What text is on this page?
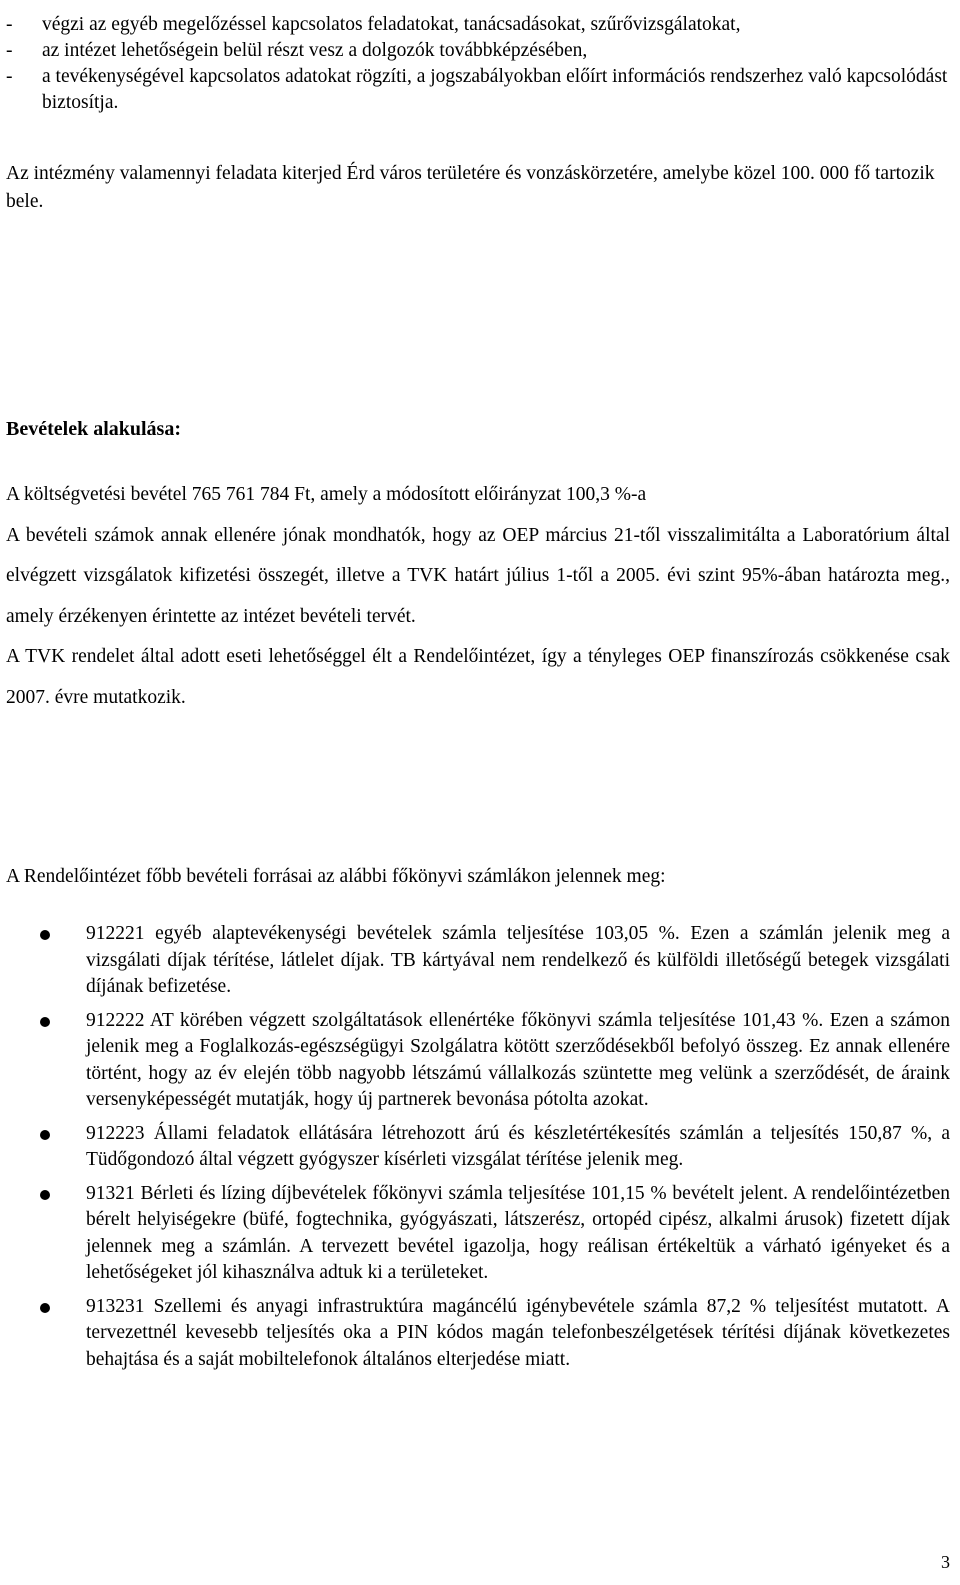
-	végzi az egyéb megelőzéssel kapcsolatos feladatokat, tanácsadásokat, szűrővizsgálatokat,
-	az intézet lehetőségein belül részt vesz a dolgozók továbbképzésében,
-	a tevékenységével kapcsolatos adatokat rögzíti, a jogszabályokban előírt információs rendszerhez való kapcsolódást biztosítja.
Az intézmény valamennyi feladata kiterjed Érd város területére és vonzáskörzetére, amelybe közel 100. 000 fő tartozik bele.
Bevételek alakulása:

A költségvetési bevétel 765 761 784 Ft, amely a módosított előirányzat 100,3 %-a

A bevételi számok annak ellenére jónak mondhatók, hogy az OEP március 21-től visszalimitálta a Laboratórium által elvégzett vizsgálatok kifizetési összegét, illetve a TVK határt július 1-től a 2005. évi szint 95%-ában határozta meg., amely érzékenyen érintette az intézet bevételi tervét.

A TVK rendelet által adott eseti lehetőséggel élt a Rendelőintézet, így a tényleges OEP finanszírozás csökkenése csak 2007. évre mutatkozik.

A Rendelőintézet főbb bevételi forrásai az alábbi főkönyvi számlákon jelennek meg:
912221 egyéb alaptevékenységi bevételek számla teljesítése 103,05 %. Ezen a számlán jelenik meg a vizsgálati díjak térítése, látlelet díjak. TB kártyával nem rendelkező és külföldi illetőségű betegek vizsgálati díjának befizetése.
912222 AT körében végzett szolgáltatások ellenértéke főkönyvi számla teljesítése 101,43 %. Ezen a számon jelenik meg a Foglalkozás-egészségügyi Szolgálatra kötött szerződésekből befolyó összeg. Ez annak ellenére történt, hogy az év elején több nagyobb létszámú vállalkozás szüntette meg velünk a szerződését, de áraink versenyképességét mutatják, hogy új partnerek bevonása pótolta azokat.
912223 Állami feladatok ellátására létrehozott árú és készletértékesítés számlán a teljesítés 150,87 %, a Tüdőgondozó által végzett gyógyszer kísérleti vizsgálat térítése jelenik meg.
91321 Bérleti és lízing díjbevételek főkönyvi számla teljesítése 101,15 % bevételt jelent. A rendelőintézetben bérelt helyiségekre (büfé, fogtechnika, gyógyászati, látszerész, ortopéd cipész, alkalmi árusok) fizetett díjak jelennek meg a számlán. A tervezett bevétel igazolja, hogy reálisan értékeltük a várható igényeket és a lehetőségeket jól kihasználva adtuk ki a területeket.
913231 Szellemi és anyagi infrastruktúra magáncélú igénybevétele számla 87,2 % teljesítést mutatott. A tervezettnél kevesebb teljesítés oka a PIN kódos magán telefonbeszélgetések térítési díjának következetes behajtása és a saját mobiltelefonok általános elterjedése miatt.
3
